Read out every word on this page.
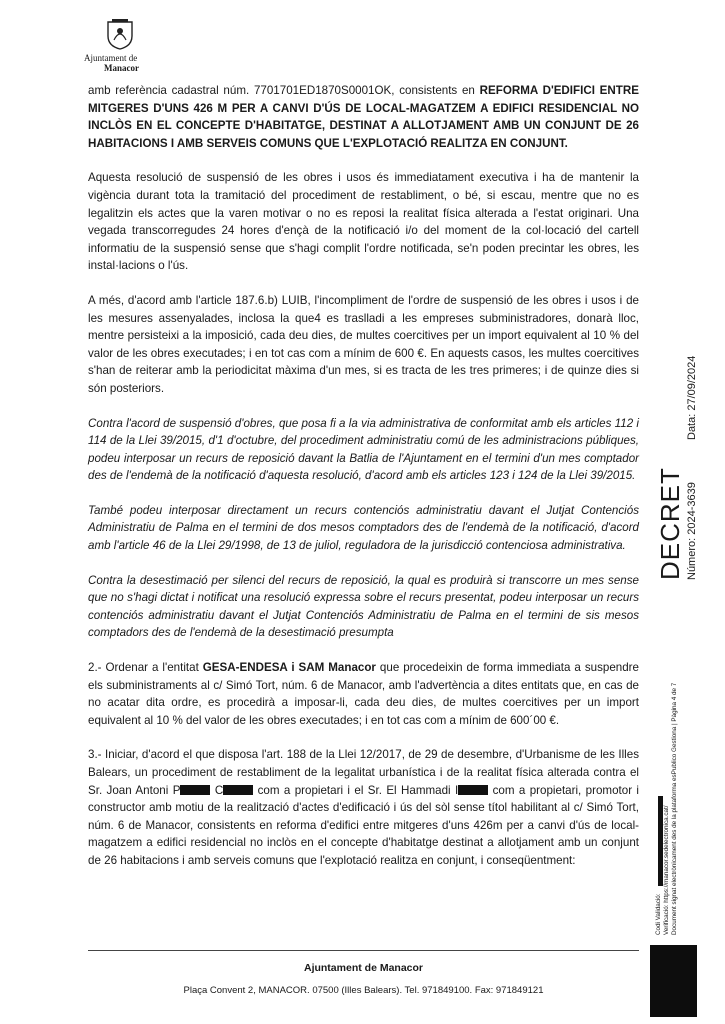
Ajuntament de
Manacor

amb referència cadastral núm. 7701701ED1870S0001OK, consistents en REFORMA D'EDIFICI ENTRE MITGERES D'UNS 426 M PER A CANVI D'ÚS DE LOCAL-MAGATZEM A EDIFICI RESIDENCIAL NO INCLÒS EN EL CONCEPTE D'HABITATGE, DESTINAT A ALLOTJAMENT AMB UN CONJUNT DE 26 HABITACIONS I AMB SERVEIS COMUNS QUE L'EXPLOTACIÓ REALITZA EN CONJUNT.

Aquesta resolució de suspensió de les obres i usos és immediatament executiva i ha de mantenir la vigència durant tota la tramitació del procediment de restabliment, o bé, si escau, mentre que no es legalitzin els actes que la varen motivar o no es reposi la realitat física alterada a l'estat originari. Una vegada transcorregudes 24 hores d'ençà de la notificació i/o del moment de la col·locació del cartell informatiu de la suspensió sense que s'hagi complit l'ordre notificada, se'n poden precintar les obres, les instal·lacions o l'ús.

A més, d'acord amb l'article 187.6.b) LUIB, l'incompliment de l'ordre de suspensió de les obres i usos i de les mesures assenyalades, inclosa la que4 es traslladi a les empreses subministradores, donarà lloc, mentre persisteixi a la imposició, cada deu dies, de multes coercitives per un import equivalent al 10 % del valor de les obres executades; i en tot cas com a mínim de 600 €. En aquests casos, les multes coercitives s'han de reiterar amb la periodicitat màxima d'un mes, si es tracta de les tres primeres; i de quinze dies si són posteriors.

Contra l'acord de suspensió d'obres, que posa fi a la via administrativa de conformitat amb els articles 112 i 114 de la Llei 39/2015, d'1 d'octubre, del procediment administratiu comú de les administracions públiques, podeu interposar un recurs de reposició davant la Batlia de l'Ajuntament en el termini d'un mes comptador des de l'endemà de la notificació d'aquesta resolució, d'acord amb els articles 123 i 124 de la Llei 39/2015.

També podeu interposar directament un recurs contenciós administratiu davant el Jutjat Contenciós Administratiu de Palma en el termini de dos mesos comptadors des de l'endemà de la notificació, d'acord amb l'article 46 de la Llei 29/1998, de 13 de juliol, reguladora de la jurisdicció contenciosa administrativa.

Contra la desestimació per silenci del recurs de reposició, la qual es produirà si transcorre un mes sense que no s'hagi dictat i notificat una resolució expressa sobre el recurs presentat, podeu interposar un recurs contenciós administratiu davant el Jutjat Contenciós Administratiu de Palma en el termini de sis mesos comptadors des de l'endemà de la desestimació presumpta

2.- Ordenar a l'entitat GESA-ENDESA i SAM Manacor que procedeixin de forma immediata a suspendre els subministraments al c/ Simó Tort, núm. 6 de Manacor, amb l'advertència a dites entitats que, en cas de no acatar dita ordre, es procedirà a imposar-li, cada deu dies, de multes coercitives per un import equivalent al 10 % del valor de les obres executades; i en tot cas com a mínim de 600´00 €.

3.- Iniciar, d'acord el que disposa l'art. 188 de la Llei 12/2017, de 29 de desembre, d'Urbanisme de les Illes Balears, un procediment de restabliment de la legalitat urbanística i de la realitat física alterada contra el Sr. Joan Antoni P	C	com a propietari i el Sr. El Hammadi I	com a propietari, promotor i constructor amb motiu de la realització d'actes d'edificació i ús del sòl sense títol habilitant al c/ Simó Tort, núm. 6 de Manacor, consistents en reforma d'edifici entre mitgeres d'uns 426m per a canvi d'ús de local-magatzem a edifici residencial no inclòs en el concepte d'habitatge destinat a allotjament amb un conjunt de 26 habitacions i amb serveis comuns que l'explotació realitza en conjunt, i conseqüentment:

Ajuntament de Manacor
Plaça Convent 2, MANACOR. 07500 (Illes Balears). Tel. 971849100. Fax: 971849121
DECRET Número: 2024-3639
Data: 27/09/2024
Codi Validació: Verificació: https://manacor.sedelectronica.cat/ Document signat electrònicament des de la plataforma esPublico Gestiona | Pàgina 4 de 7
